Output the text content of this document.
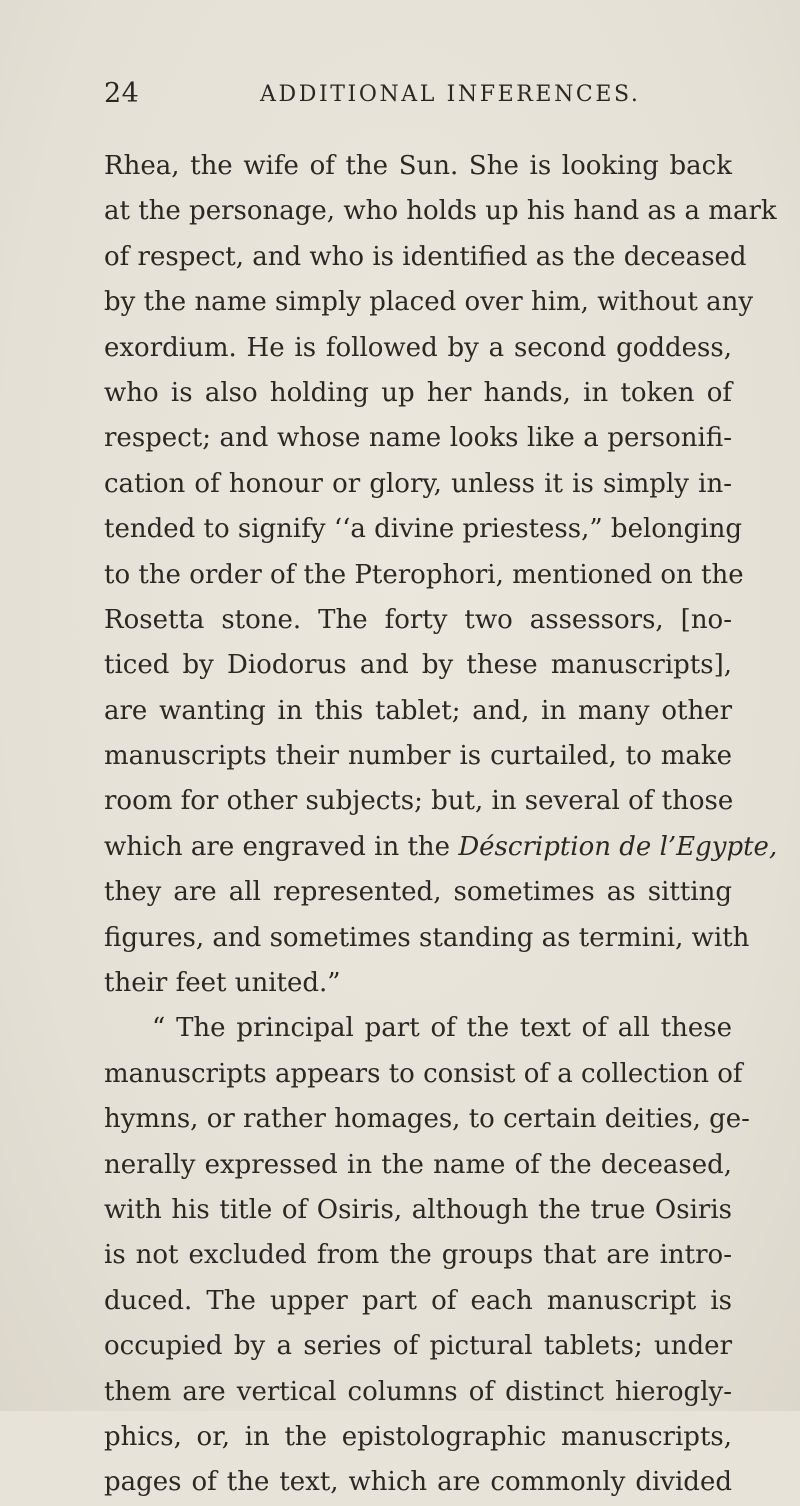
24	ADDITIONAL INFERENCES.
Rhea, the wife of the Sun. She is looking back
at the personage, who holds up his hand as a mark
of respect, and who is identified as the deceased
by the name simply placed over him, without any
exordium. He is followed by a second goddess,
who is also holding up her hands, in token of
respect; and whose name looks like a personifi-
cation of honour or glory, unless it is simply in-
tended to signify ‘‘a divine priestess,” belonging
to the order of the Pterophori, mentioned on the
Rosetta stone. The forty two assessors, [no-
ticed by Diodorus and by these manuscripts],
are wanting in this tablet; and, in many other
manuscripts their number is curtailed, to make
room for other subjects; but, in several of those
which are engraved in the Déscription de l’Egypte,
they are all represented, sometimes as sitting
figures, and sometimes standing as termini, with
their feet united.”
“ The principal part of the text of all these
manuscripts appears to consist of a collection of
hymns, or rather homages, to certain deities, ge-
nerally expressed in the name of the deceased,
with his title of Osiris, although the true Osiris
is not excluded from the groups that are intro-
duced. The upper part of each manuscript is
occupied by a series of pictural tablets; under
them are vertical columns of distinct hierogly-
phics, or, in the epistolographic manuscripts,
pages of the text, which are commonly divided
